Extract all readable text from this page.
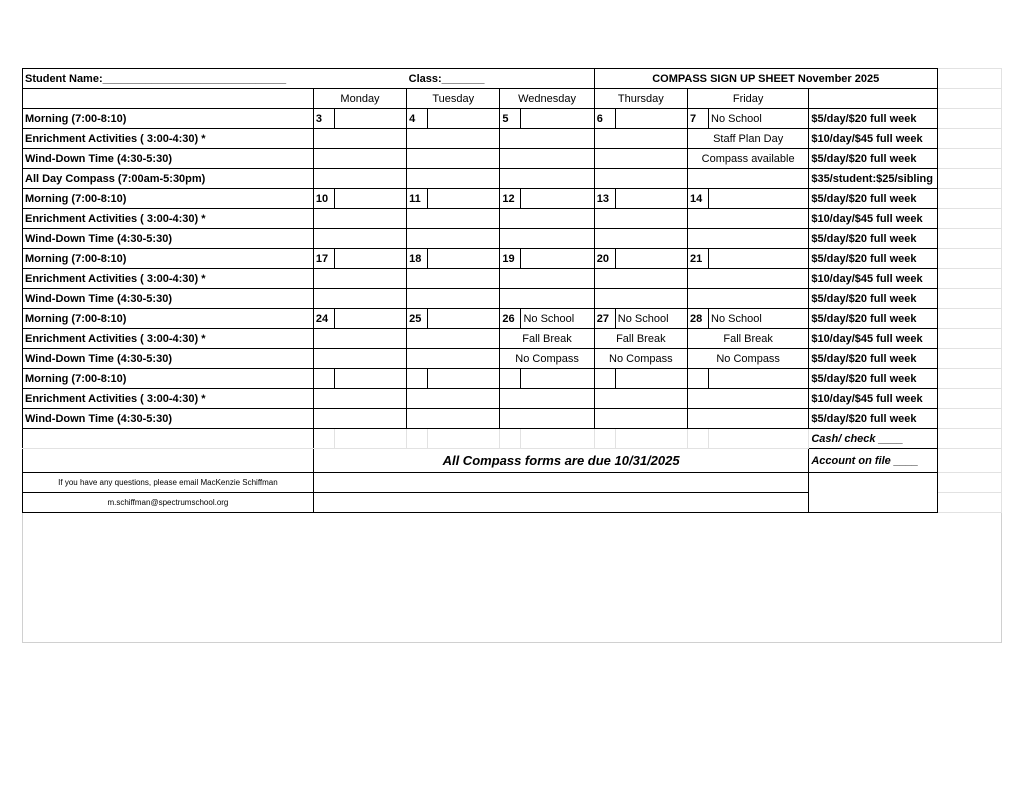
Student Name:______________________________			Class:_______				COMPASS SIGN UP SHEET November 2025					
	Monday		Tuesday		Wednesday		Thursday		Friday			
Morning (7:00-8:10)	3		4		5		6		7	No School	$5/day/$20 full week	
Enrichment Activities ( 3:00-4:30) *									Staff Plan Day		$10/day/$45 full week	
Wind-Down Time (4:30-5:30)									Compass available		$5/day/$20 full week	
All Day Compass (7:00am-5:30pm)											$35/student:$25/sibling	
Morning (7:00-8:10)	10		11		12		13		14		$5/day/$20 full week	
Enrichment Activities ( 3:00-4:30) *											$10/day/$45 full week	
Wind-Down Time (4:30-5:30)											$5/day/$20 full week	
Morning (7:00-8:10)	17		18		19		20		21		$5/day/$20 full week	
Enrichment Activities ( 3:00-4:30) *											$10/day/$45 full week	
Wind-Down Time (4:30-5:30)											$5/day/$20 full week	
Morning (7:00-8:10)	24		25		26	No School	27	No School	28	No School	$5/day/$20 full week	
Enrichment Activities ( 3:00-4:30) *					Fall Break		Fall Break		Fall Break		$10/day/$45 full week	
Wind-Down Time (4:30-5:30)					No Compass		No Compass		No Compass		$5/day/$20 full week	
Morning (7:00-8:10)											$5/day/$20 full week	
Enrichment Activities ( 3:00-4:30) *											$10/day/$45 full week	
Wind-Down Time (4:30-5:30)											$5/day/$20 full week	
											Cash/ check ____	
	All Compass forms are due 10/31/2025										Account on file ____	
If you have any questions, please email MacKenzie Schiffman												
m.schiffman@spectrumschool.org												
